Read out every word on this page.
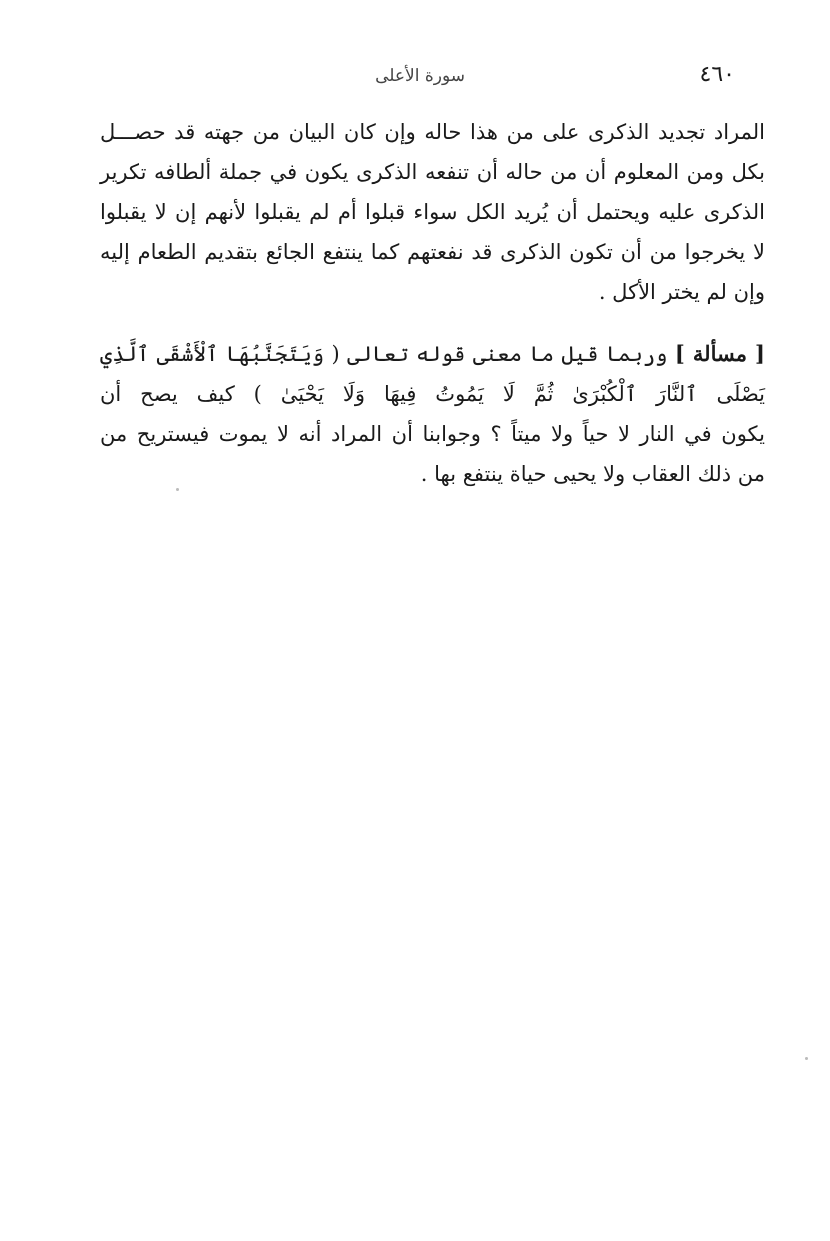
٤٦٠
سورة الأعلى

المراد تجديد الذكرى على من هذا حاله وإن كان البيان من جهته قد حصـــل
بكل ومن المعلوم أن من حاله أن تنفعه الذكرى يكون في جملة ألطافه تكرير
الذكرى عليه ويحتمل أن يُريد الكل سواء قبلوا أم لم يقبلوا لأنهم إن لا يقبلوا
لا يخرجوا من أن تكون الذكرى قد نفعتهم كما ينتفع الجائع بتقديم الطعام إليه
وإن لم يختر الأكل .

[ مسألة ] وربما قيل ما معنى قوله تعالى ( وَيَتَجَنَّبُهَا ٱلْأَشْقَى ٱلَّذِي
يَصْلَى ٱلنَّارَ ٱلْكُبْرَىٰ ثُمَّ لَا يَمُوتُ فِيهَا وَلَا يَحْيَىٰ ) كيف يصح أن
يكون في النار لا حياً ولا ميتاً ؟ وجوابنا أن المراد أنه لا يموت فيستريح من
من ذلك العقاب ولا يحيى حياة ينتفع بها .
